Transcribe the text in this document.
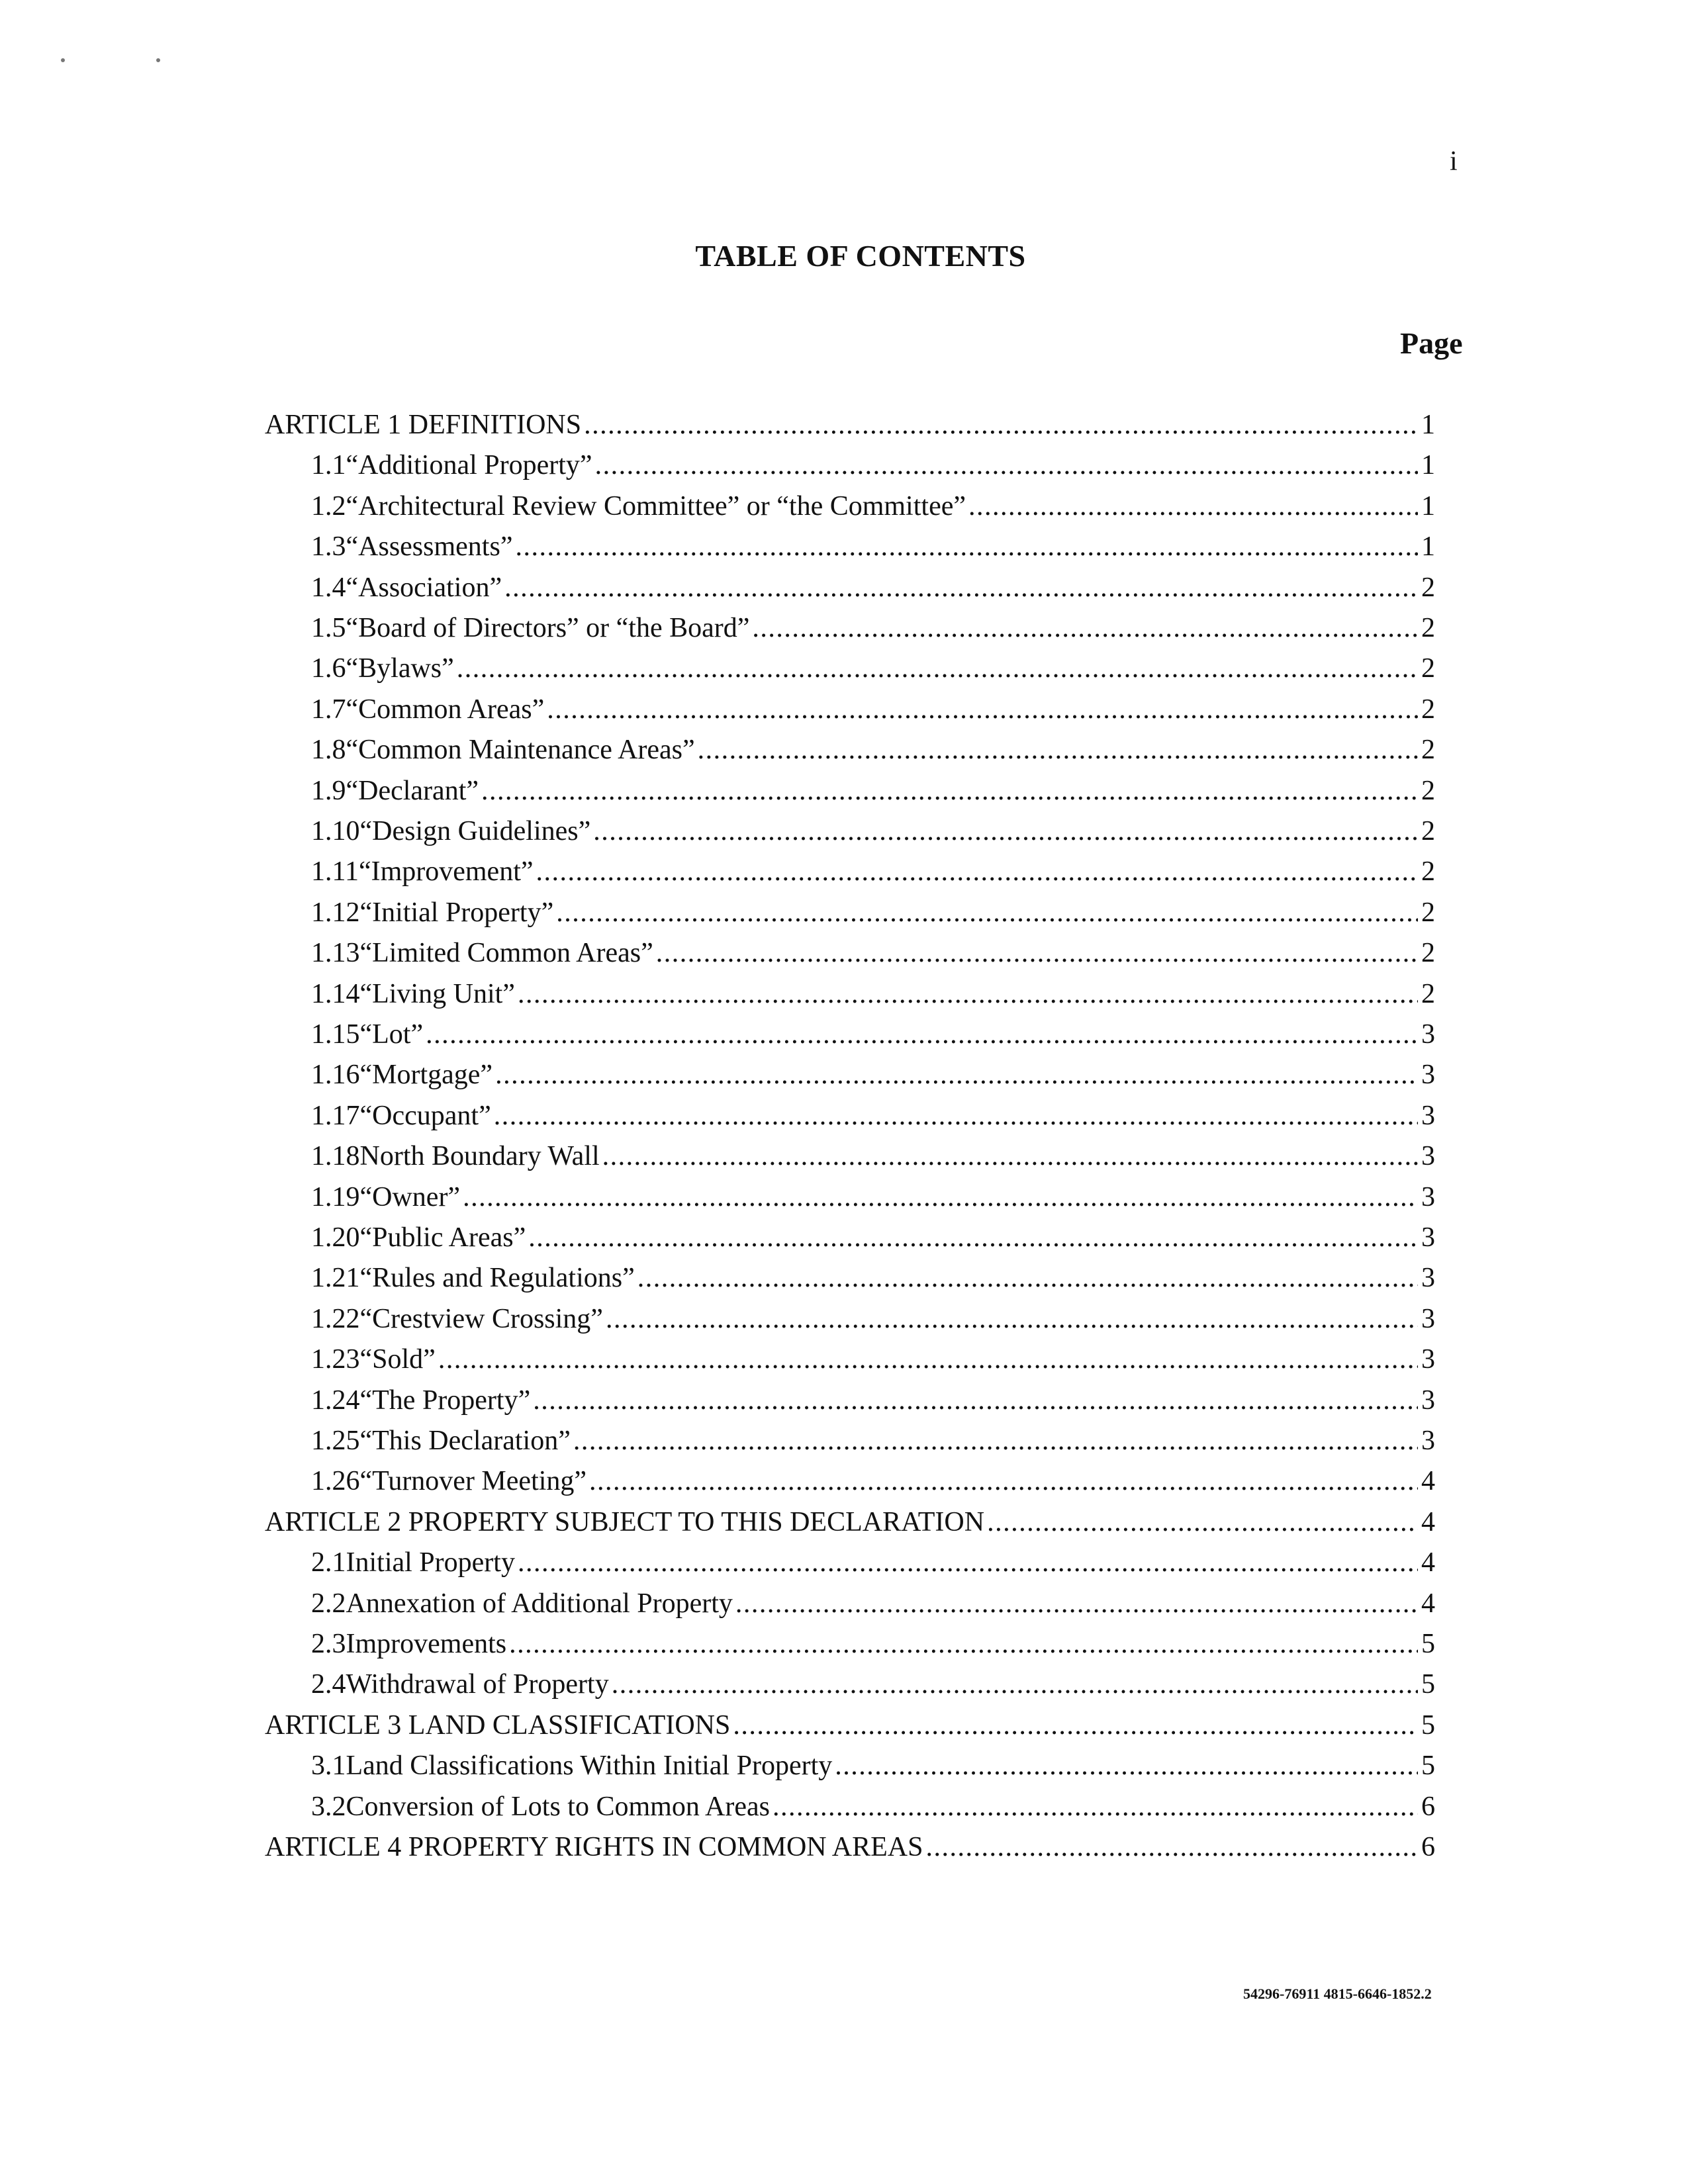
i
TABLE OF CONTENTS
Page
ARTICLE 1 DEFINITIONS .....	1
1.1 “Additional Property” .....	1
1.2 “Architectural Review Committee” or “the Committee” .....	1
1.3 “Assessments” .....	1
1.4 “Association” .....	2
1.5 “Board of Directors” or “the Board” .....	2
1.6 “Bylaws” .....	2
1.7 “Common Areas” .....	2
1.8 “Common Maintenance Areas” .....	2
1.9 “Declarant” .....	2
1.10 “Design Guidelines” .....	2
1.11 “Improvement” .....	2
1.12 “Initial Property” .....	2
1.13 “Limited Common Areas” .....	2
1.14 “Living Unit” .....	2
1.15 “Lot” .....	3
1.16 “Mortgage” .....	3
1.17 “Occupant” .....	3
1.18 North Boundary Wall .....	3
1.19 “Owner” .....	3
1.20 “Public Areas” .....	3
1.21 “Rules and Regulations” .....	3
1.22 “Crestview Crossing” .....	3
1.23 “Sold” .....	3
1.24 “The Property” .....	3
1.25 “This Declaration” .....	3
1.26 “Turnover Meeting” .....	4
ARTICLE 2 PROPERTY SUBJECT TO THIS DECLARATION .....	4
2.1 Initial Property .....	4
2.2 Annexation of Additional Property .....	4
2.3 Improvements .....	5
2.4 Withdrawal of Property .....	5
ARTICLE 3 LAND CLASSIFICATIONS .....	5
3.1 Land Classifications Within Initial Property .....	5
3.2 Conversion of Lots to Common Areas .....	6
ARTICLE 4 PROPERTY RIGHTS IN COMMON AREAS .....	6
54296-76911 4815-6646-1852.2
